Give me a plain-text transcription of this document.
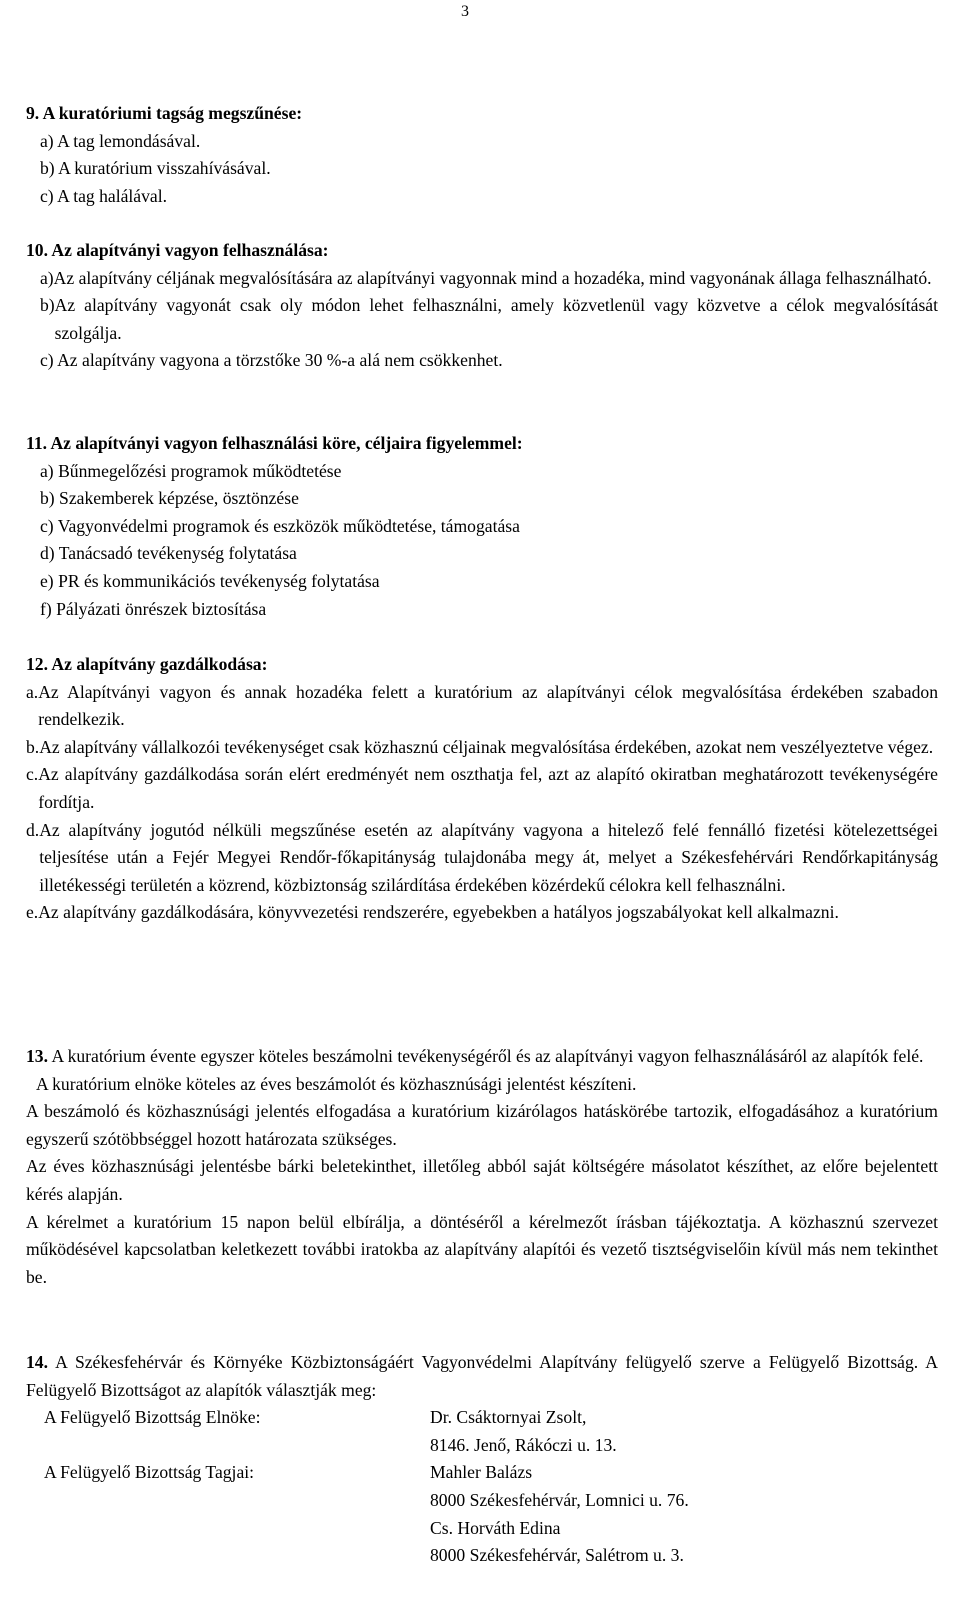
3
9. A kuratóriumi tagság megszűnése:
a) A tag lemondásával.
b) A kuratórium visszahívásával.
c) A tag halálával.
10. Az alapítványi vagyon felhasználása:
a) Az alapítvány céljának megvalósítására az alapítványi vagyonnak mind a hozadéka, mind vagyonának állaga felhasználható.
b) Az alapítvány vagyonát csak oly módon lehet felhasználni, amely közvetlenül vagy közvetve a célok megvalósítását szolgálja.
c) Az alapítvány vagyona a törzstőke 30 %-a alá nem csökkenhet.
11. Az alapítványi vagyon felhasználási köre, céljaira figyelemmel:
a) Bűnmegelőzési programok működtetése
b) Szakemberek képzése, ösztönzése
c) Vagyonvédelmi programok és eszközök működtetése, támogatása
d) Tanácsadó tevékenység folytatása
e) PR és kommunikációs tevékenység folytatása
f) Pályázati önrészek biztosítása
12. Az alapítvány gazdálkodása:
a. Az Alapítványi vagyon és annak hozadéka felett a kuratórium az alapítványi célok megvalósítása érdekében szabadon rendelkezik.
b. Az alapítvány vállalkozói tevékenységet csak közhasznú céljainak megvalósítása érdekében, azokat nem veszélyeztetve végez.
c. Az alapítvány gazdálkodása során elért eredményét nem oszthatja fel, azt az alapító okiratban meghatározott tevékenységére fordítja.
d. Az alapítvány jogutód nélküli megszűnése esetén az alapítvány vagyona a hitelező felé fennálló fizetési kötelezettségei teljesítése után a Fejér Megyei Rendőr-főkapitányság tulajdonába megy át, melyet a Székesfehérvári Rendőrkapitányság illetékességi területén a közrend, közbiztonság szilárdítása érdekében közérdekű célokra kell felhasználni.
e. Az alapítvány gazdálkodására, könyvvezetési rendszerére, egyebekben a hatályos jogszabályokat kell alkalmazni.
13. A kuratórium évente egyszer köteles beszámolni tevékenységéről és az alapítványi vagyon felhasználásáról az alapítók felé.
A kuratórium elnöke köteles az éves beszámolót és közhasznúsági jelentést készíteni.
A beszámoló és közhasznúsági jelentés elfogadása a kuratórium kizárólagos hatáskörébe tartozik, elfogadásához a kuratórium egyszerű szótöbbséggel hozott határozata szükséges.
Az éves közhasznúsági jelentésbe bárki beletekinthet, illetőleg abból saját költségére másolatot készíthet, az előre bejelentett kérés alapján.
A kérelmet a kuratórium 15 napon belül elbírálja, a döntéséről a kérelmezőt írásban tájékoztatja. A közhasznú szervezet működésével kapcsolatban keletkezett további iratokba az alapítvány alapítói és vezető tisztségviselőin kívül más nem tekinthet be.
14. A Székesfehérvár és Környéke Közbiztonságáért Vagyonvédelmi Alapítvány felügyelő szerve a Felügyelő Bizottság. A Felügyelő Bizottságot az alapítók választják meg:
A Felügyelő Bizottság Elnöke:	Dr. Csáktornyai Zsolt,
8146. Jenő, Rákóczi u. 13.
A Felügyelő Bizottság Tagjai:	Mahler Balázs
8000 Székesfehérvár, Lomnici u. 76.
Cs. Horváth Edina
8000 Székesfehérvár, Salétrom u. 3.
